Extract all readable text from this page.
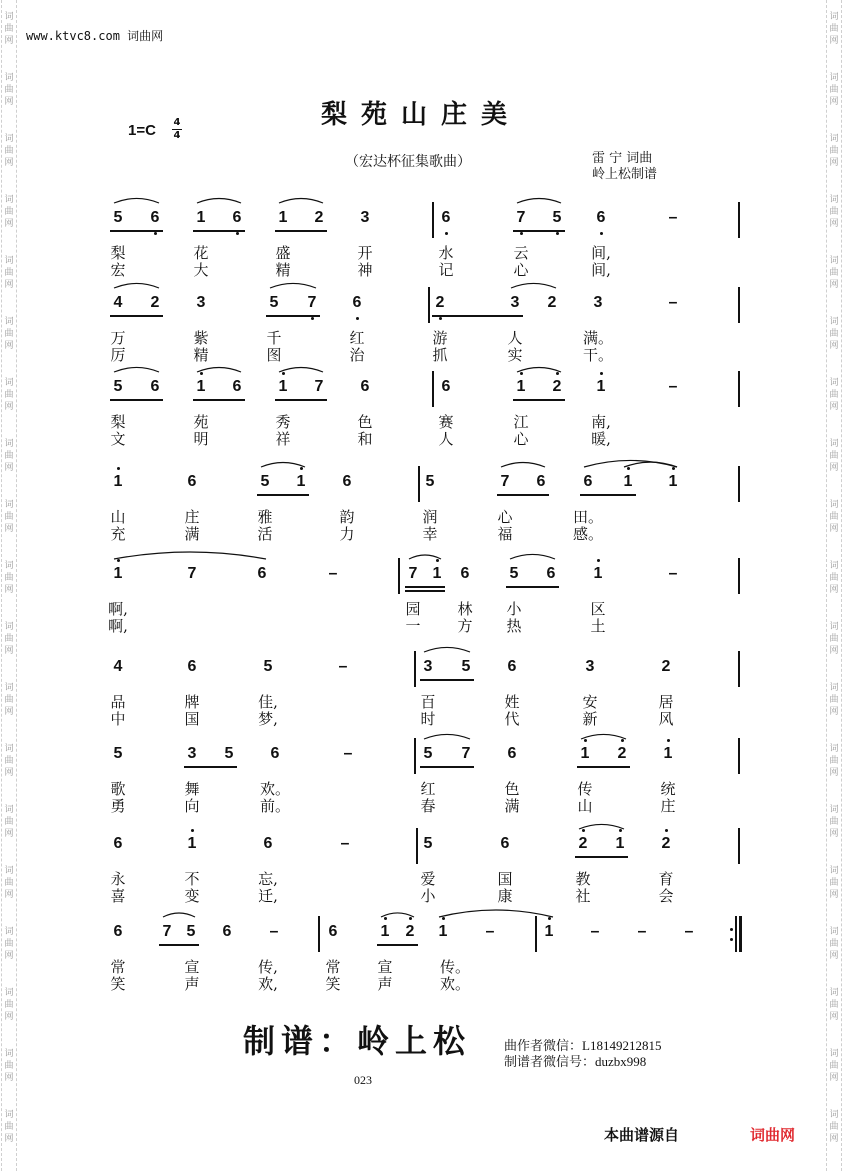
词
曲
网
词
曲
网
词
曲
网
词
曲
网
词
曲
网
词
曲
网
词
曲
网
词
曲
网
词
曲
网
词
曲
网
词
曲
网
词
曲
网
词
曲
网
词
曲
网
词
曲
网
词
曲
网
词
曲
网
词
曲
网
词
曲
网
词
曲
网
词
曲
网
词
曲
网
词
曲
网
词
曲
网
词
曲
网
词
曲
网
词
曲
网
词
曲
网
词
曲
网
词
曲
网
词
曲
网
词
曲
网
词
曲
网
词
曲
网
词
曲
网
词
曲
网
词
曲
网
词
曲
网
www.ktvc8.com 词曲网
梨苑山庄美
1=C 4
4
（宏达杯征集歌曲）	雷 宁 词曲
岭上松制谱
5 6 1 6 1 2 3	6	7 5 6	–
梨	花	盛	开	水	云	间,
宏	大	精	神	记	心	间,
4 2 3	5 7 6	2	3 2 3	–
万	紫	千	红	游	人	满。
厉	精	图	治	抓	实	干。
5 6 1 6 1 7 6	6	1 2 1	–
梨	苑	秀	色	赛	江	南,
文	明	祥	和	人	心	暖,
1	6	5 1 6	5	7 6 6 1 1
山	庄	雅	韵	润	心	田。
充	满	活	力	幸	福	感。
1	7	6	–	7 1 6	5 6 1	–
啊,	园 林 小	区
啊,	一 方 热	土
4	6	5	–	3 5 6	3	2
品	牌	佳,	百	姓	安	居
中	国	梦,	时	代	新	风
5	3 5 6	–	5 7 6	1 2 1
歌	舞	欢。	红	色	传	统
勇	向	前。	春	满	山	庄
6	1	6	–	5	6	2 1 2
永	不	忘,	爱	国	教	育
喜	变	迁,	小	康	社	会
6	7 5 6 –	6	1 2 1 –	1 – – –
常	宣	传,	常 宣	传。
笑	声	欢,	笑 声	欢。
制谱：岭上松	曲作者微信：L18149212815
制谱者微信号：duzbx998
023
本曲谱源自	词曲网
